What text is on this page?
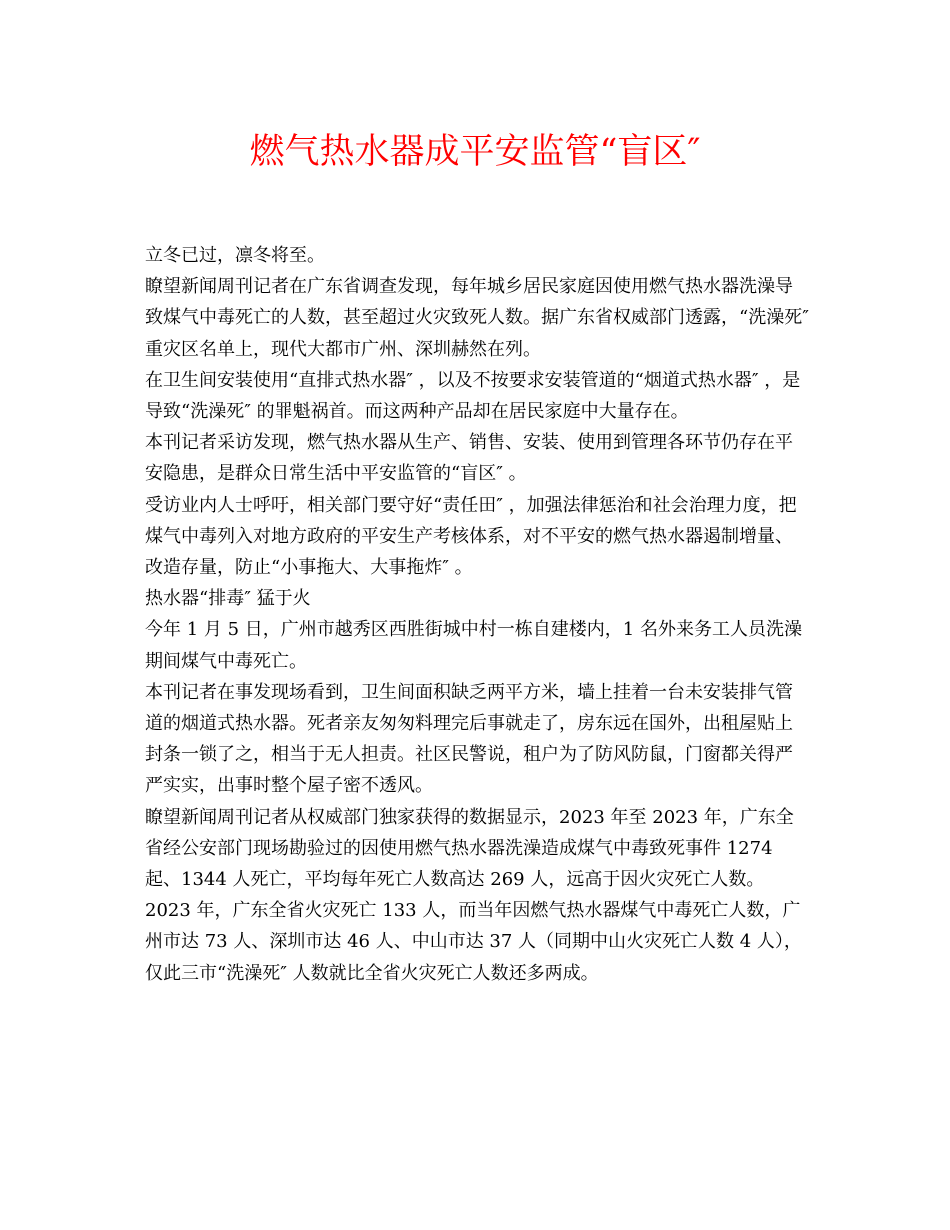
燃气热水器成平安监管“盲区″

立冬已过，凛冬将至。

瞭望新闻周刊记者在广东省调查发现，每年城乡居民家庭因使用燃气热水器洗澡导致煤气中毒死亡的人数，甚至超过火灾致死人数。据广东省权威部门透露，“洗澡死″ 重灾区名单上，现代大都市广州、深圳赫然在列。

在卫生间安装使用“直排式热水器″ ，以及不按要求安装管道的“烟道式热水器″ ，是导致“洗澡死″ 的罪魁祸首。而这两种产品却在居民家庭中大量存在。

本刊记者采访发现，燃气热水器从生产、销售、安装、使用到管理各环节仍存在平安隐患，是群众日常生活中平安监管的“盲区″ 。

受访业内人士呼吁，相关部门要守好“责任田″ ，加强法律惩治和社会治理力度，把煤气中毒列入对地方政府的平安生产考核体系，对不平安的燃气热水器遏制增量、改造存量，防止“小事拖大、大事拖炸″ 。

热水器“排毒″ 猛于火

今年 1 月 5 日，广州市越秀区西胜街城中村一栋自建楼内，1 名外来务工人员洗澡期间煤气中毒死亡。

本刊记者在事发现场看到，卫生间面积缺乏两平方米，墙上挂着一台未安装排气管道的烟道式热水器。死者亲友匆匆料理完后事就走了，房东远在国外，出租屋贴上封条一锁了之，相当于无人担责。社区民警说，租户为了防风防鼠，门窗都关得严严实实，出事时整个屋子密不透风。

瞭望新闻周刊记者从权威部门独家获得的数据显示，2023 年至 2023 年，广东全省经公安部门现场勘验过的因使用燃气热水器洗澡造成煤气中毒致死事件 1274 起、1344 人死亡，平均每年死亡人数高达 269 人，远高于因火灾死亡人数。

2023 年，广东全省火灾死亡 133 人，而当年因燃气热水器煤气中毒死亡人数，广州市达 73 人、深圳市达 46 人、中山市达 37 人（同期中山火灾死亡人数 4 人），仅此三市“洗澡死″ 人数就比全省火灾死亡人数还多两成。
